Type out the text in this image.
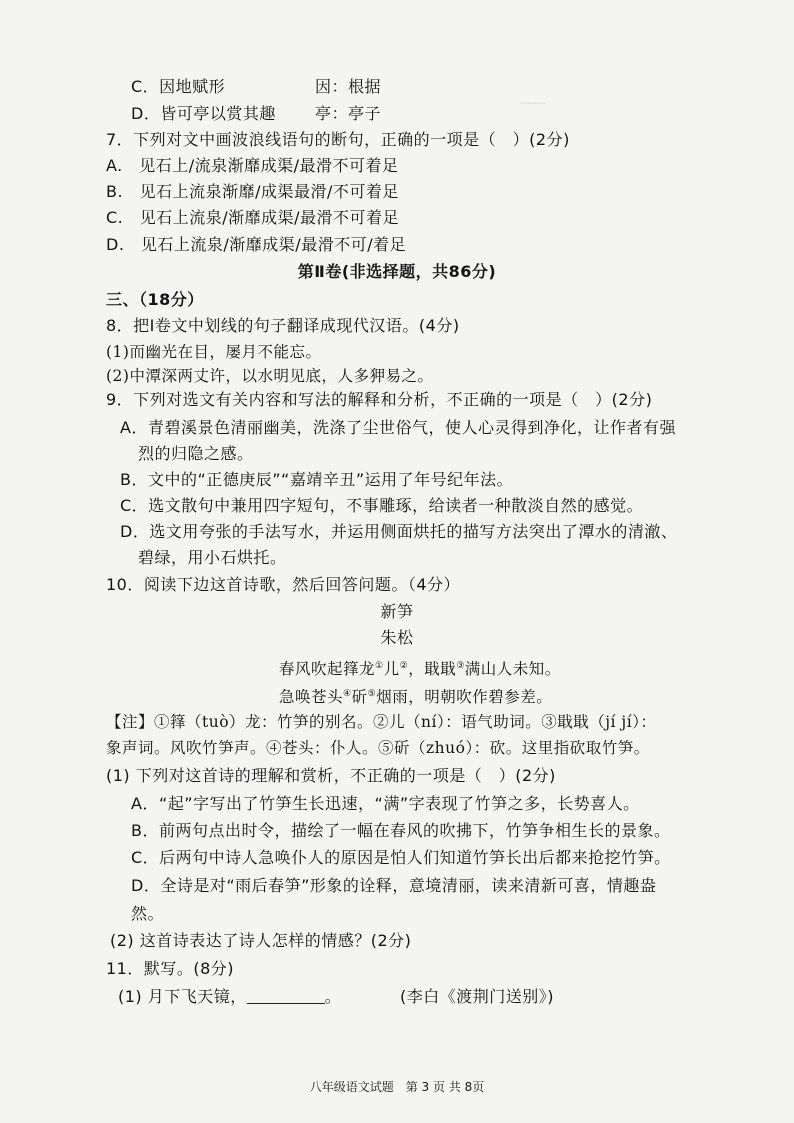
───
C．因地赋形	因：根据
D．皆可亭以赏其趣 亭：亭子
7．下列对文中画波浪线语句的断句，正确的一项是（　）(2分)
A.　见石上/流泉渐靡成渠/最滑不可着足
B.　见石上流泉渐靡/成渠最滑/不可着足
C.　见石上流泉/渐靡成渠/最滑不可着足
D.　见石上流泉/渐靡成渠/最滑不可/着足
第Ⅱ卷(非选择题，共86分)
三、（18分）
8．把Ⅰ卷文中划线的句子翻译成现代汉语。(4分)
(1)而幽光在目，屡月不能忘。
(2)中潭深两丈许，以水明见底，人多狎易之。
9．下列对选文有关内容和写法的解释和分析，不正确的一项是（　）(2分)
A．青碧溪景色清丽幽美，洗涤了尘世俗气，使人心灵得到净化，让作者有强
烈的归隐之感。
B．文中的“正德庚辰”“嘉靖辛丑”运用了年号纪年法。
C．选文散句中兼用四字短句，不事雕琢，给读者一种散淡自然的感觉。
D．选文用夸张的手法写水，并运用侧面烘托的描写方法突出了潭水的清澈、
碧绿，用小石烘托。
10．阅读下边这首诗歌，然后回答问题。（4分）
新笋
朱松
春风吹起箨龙①儿②，戢戢③满山人未知。
急唤苍头④斫⑤烟雨，明朝吹作碧参差。
【注】①箨（tuò）龙：竹笋的别名。②儿（ní）：语气助词。③戢戢（jí jí）：
象声词。风吹竹笋声。④苍头：仆人。⑤斫（zhuó）：砍。这里指砍取竹笋。
(1) 下列对这首诗的理解和赏析，不正确的一项是（　）(2分)
A．“起”字写出了竹笋生长迅速，“满”字表现了竹笋之多，长势喜人。
B．前两句点出时令，描绘了一幅在春风的吹拂下，竹笋争相生长的景象。
C．后两句中诗人急唤仆人的原因是怕人们知道竹笋长出后都来抢挖竹笋。
D．全诗是对“雨后春笋”形象的诠释，意境清丽，读来清新可喜，情趣盎
然。
(2) 这首诗表达了诗人怎样的情感？(2分)
11．默写。(8分)
(1) 月下飞天镜，	。	(李白《渡荆门送别》)
八年级语文试题　第 3 页 共 8页
